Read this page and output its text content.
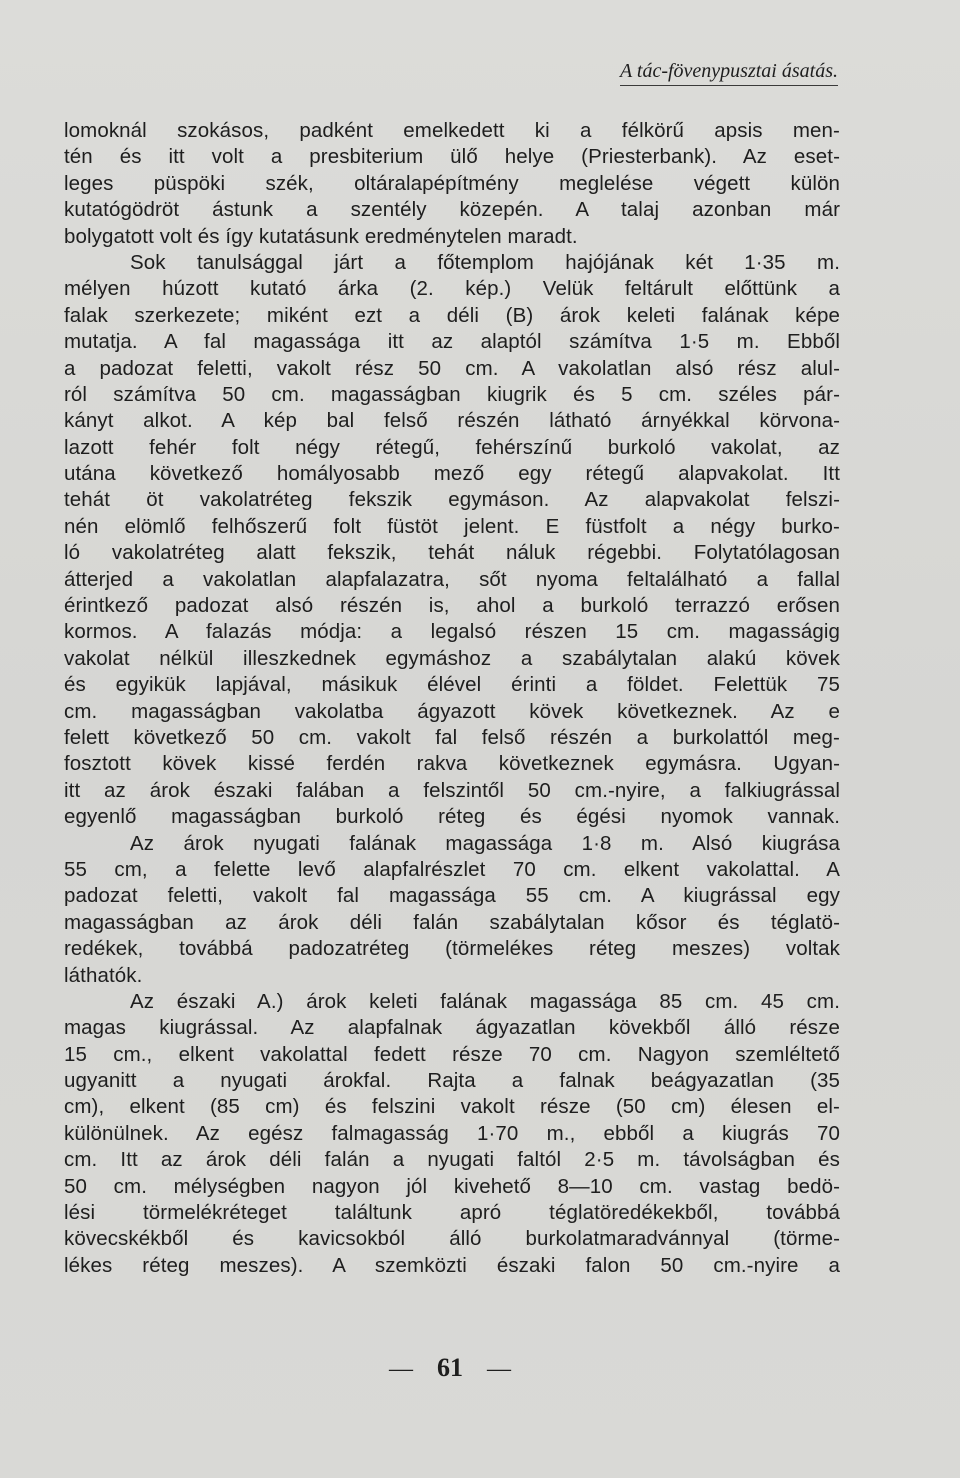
A tác-fövenypusztai ásatás.
lomoknál szokásos, padként emelkedett ki a félkörű apsis men-
tén és itt volt a presbiterium ülő helye (Priesterbank). Az eset-
leges püspöki szék, oltáralapépítmény meglelése végett külön
kutatógödröt ástunk a szentély közepén. A talaj azonban már
bolygatott volt és így kutatásunk eredménytelen maradt.
Sok tanulsággal járt a főtemplom hajójának két 1·35 m.
mélyen húzott kutató árka (2. kép.) Velük feltárult előttünk a
falak szerkezete; miként ezt a déli (B) árok keleti falának képe
mutatja. A fal magassága itt az alaptól számítva 1·5 m. Ebből
a padozat feletti, vakolt rész 50 cm. A vakolatlan alsó rész alul-
ról számítva 50 cm. magasságban kiugrik és 5 cm. széles pár-
kányt alkot. A kép bal felső részén látható árnyékkal körvona-
lazott fehér folt négy rétegű, fehérszínű burkoló vakolat, az
utána következő homályosabb mező egy rétegű alapvakolat. Itt
tehát öt vakolatréteg fekszik egymáson. Az alapvakolat felszi-
nén elömlő felhőszerű folt füstöt jelent. E füstfolt a négy burko-
ló vakolatréteg alatt fekszik, tehát náluk régebbi. Folytatólagosan
átterjed a vakolatlan alapfalazatra, sőt nyoma feltalálható a fallal
érintkező padozat alsó részén is, ahol a burkoló terrazzó erősen
kormos. A falazás módja: a legalsó részen 15 cm. magasságig
vakolat nélkül illeszkednek egymáshoz a szabálytalan alakú kövek
és egyikük lapjával, másikuk élével érinti a földet. Felettük 75
cm. magasságban vakolatba ágyazott kövek következnek. Az e
felett következő 50 cm. vakolt fal felső részén a burkolattól meg-
fosztott kövek kissé ferdén rakva következnek egymásra. Ugyan-
itt az árok északi falában a felszintől 50 cm.-nyire, a falkiugrással
egyenlő magasságban burkoló réteg és égési nyomok vannak.
Az árok nyugati falának magassága 1·8 m. Alsó kiugrása
55 cm, a felette levő alapfalrészlet 70 cm. elkent vakolattal. A
padozat feletti, vakolt fal magassága 55 cm. A kiugrással egy
magasságban az árok déli falán szabálytalan kősor és téglatö-
redékek, továbbá padozatréteg (törmelékes réteg meszes) voltak
láthatók.
Az északi A.) árok keleti falának magassága 85 cm. 45 cm.
magas kiugrással. Az alapfalnak ágyazatlan kövekből álló része
15 cm., elkent vakolattal fedett része 70 cm. Nagyon szemléltető
ugyanitt a nyugati árokfal. Rajta a falnak beágyazatlan (35
cm), elkent (85 cm) és felszini vakolt része (50 cm) élesen el-
különülnek. Az egész falmagasság 1·70 m., ebből a kiugrás 70
cm. Itt az árok déli falán a nyugati faltól 2·5 m. távolságban és
50 cm. mélységben nagyon jól kivehető 8—10 cm. vastag bedö-
lési törmelékréteget találtunk apró téglatöredékekből, továbbá
kövecskékből és kavicsokból álló burkolatmaradvánnyal (törme-
lékes réteg meszes). A szemközti északi falon 50 cm.-nyire a
— 61 —
